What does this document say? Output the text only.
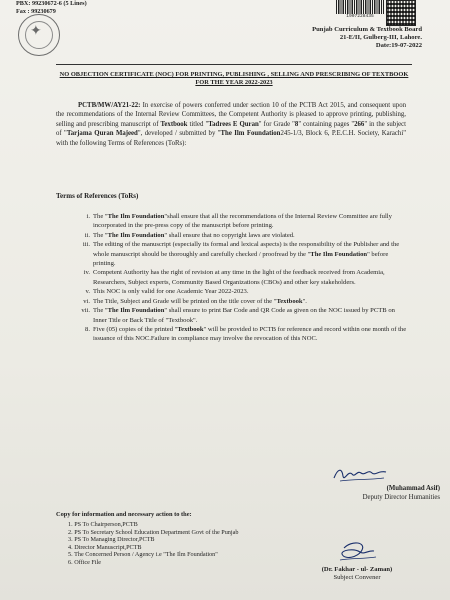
PBX: 99230672-6 (5 Lines)
Fax : 99230679
✦
1907228435
Punjab Curriculum & Textbook Board
21-E/II, Gulberg-III, Lahore.
Date:19-07-2022
NO OBJECTION CERTIFICATE (NOC) FOR PRINTING, PUBLISHING , SELLING AND PRESCRIBING OF TEXTBOOK FOR THE YEAR 2022-2023
PCTB/MW/AY21-22: In exercise of powers conferred under section 10 of the PCTB Act 2015, and consequent upon the recommendations of the Internal Review Committees, the Competent Authority is pleased to approve printing, publishing, selling and prescribing manuscript of Textbook titled "Tadrees E Quran" for Grade "8" containing pages "266" in the subject of "Tarjama Quran Majeed", developed / submitted by "The Ilm Foundation245-1/3, Block 6, P.E.C.H. Society, Karachi" with the following Terms of References (ToRs):
Terms of References (ToRs)
i. The "The Ilm Foundation"shall ensure that all the recommendations of the Internal Review Committee are fully incorporated in the pre-press copy of the manuscript before printing.
ii. The "The Ilm Foundation" shall ensure that no copyright laws are violated.
iii. The editing of the manuscript (especially its formal and lexical aspects) is the responsibility of the Publisher and the whole manuscript should be thoroughly and carefully checked / proofread by the "The Ilm Foundation" before printing.
iv. Competent Authority has the right of revision at any time in the light of the feedback received from Academia, Researchers, Subject experts, Community Based Organizations (CBOs) and other key stakeholders.
v. This NOC is only valid for one Academic Year 2022-2023.
vi. The Title, Subject and Grade will be printed on the title cover of the "Textbook".
vii. The "The Ilm Foundation" shall ensure to print Bar Code and QR Code as given on the NOC issued by PCTB on Inner Title or Back Title of "Textbook".
8. Five (05) copies of the printed "Textbook" will be provided to PCTB for reference and record within one month of the issuance of this NOC.Failure in compliance may involve the revocation of this NOC.
(Muhammad Asif)
Deputy Director Humanities
Copy for information and necessary action to the:
1. PS To Chairperson,PCTB
2. PS To Secretary School Education Department Govt of the Punjab
3. PS To Managing Director,PCTB
4. Director Manuscript,PCTB
5. The Concerned Person / Agency i.e "The Ilm Foundation"
6. Office File
(Dr. Fakhar - ul- Zaman)
Subject Convener
